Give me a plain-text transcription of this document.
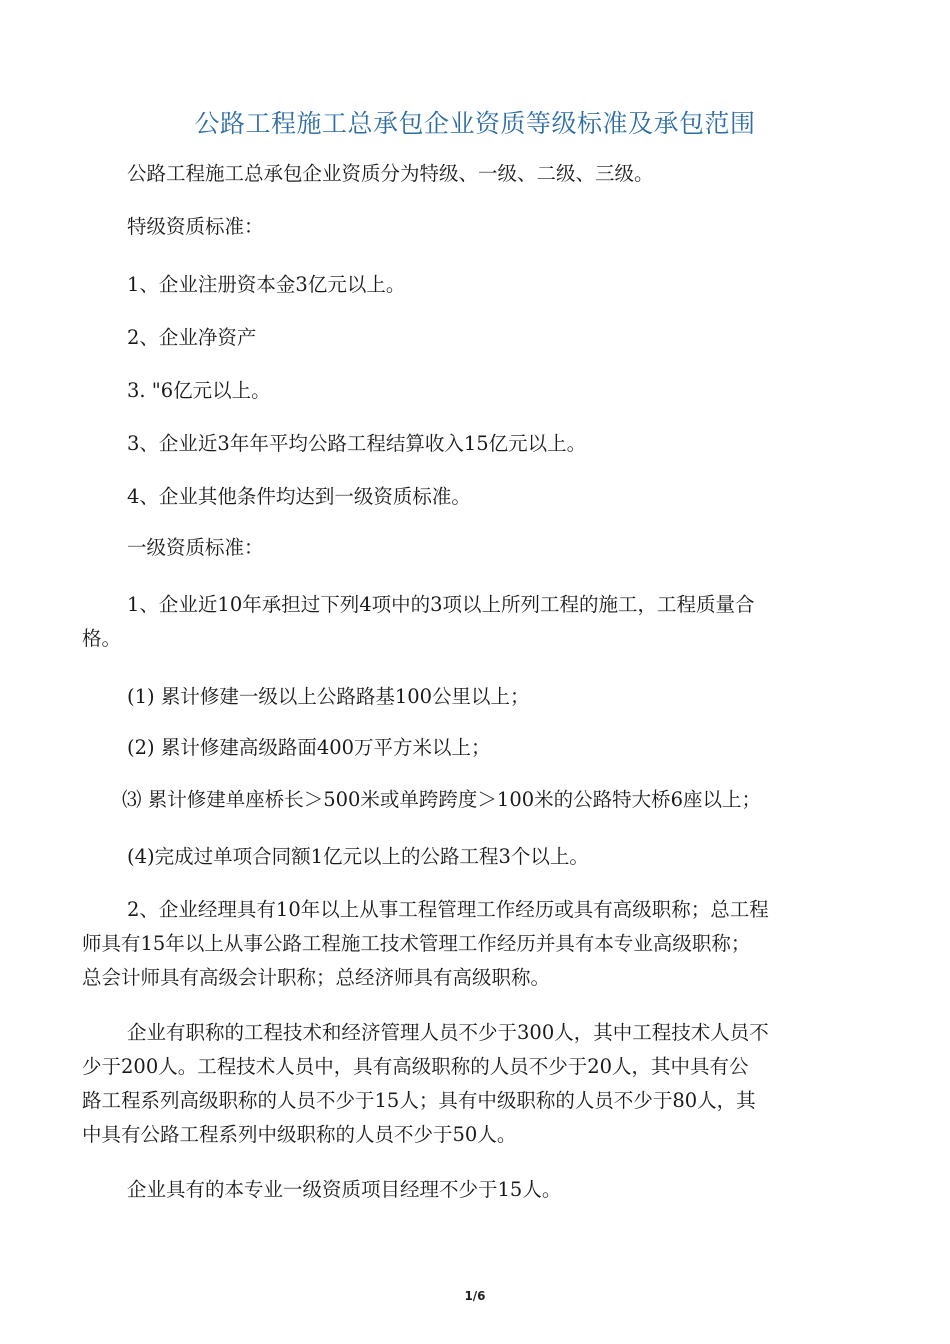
公路工程施工总承包企业资质等级标准及承包范围
公路工程施工总承包企业资质分为特级、一级、二级、三级。
特级资质标准：
1、企业注册资本金3亿元以上。
2、企业净资产
3. "6亿元以上。
3、企业近3年年平均公路工程结算收入15亿元以上。
4、企业其他条件均达到一级资质标准。
一级资质标准：
1、企业近10年承担过下列4项中的3项以上所列工程的施工，工程质量合
格。
(1) 累计修建一级以上公路路基100公里以上；
(2) 累计修建高级路面400万平方米以上；
⑶ 累计修建单座桥长＞500米或单跨跨度＞100米的公路特大桥6座以上；
(4)完成过单项合同额1亿元以上的公路工程3个以上。
2、企业经理具有10年以上从事工程管理工作经历或具有高级职称；总工程
师具有15年以上从事公路工程施工技术管理工作经历并具有本专业高级职称；
总会计师具有高级会计职称；总经济师具有高级职称。
企业有职称的工程技术和经济管理人员不少于300人，其中工程技术人员不
少于200人。工程技术人员中，具有高级职称的人员不少于20人，其中具有公
路工程系列高级职称的人员不少于15人；具有中级职称的人员不少于80人，其
中具有公路工程系列中级职称的人员不少于50人。
企业具有的本专业一级资质项目经理不少于15人。
1/6
